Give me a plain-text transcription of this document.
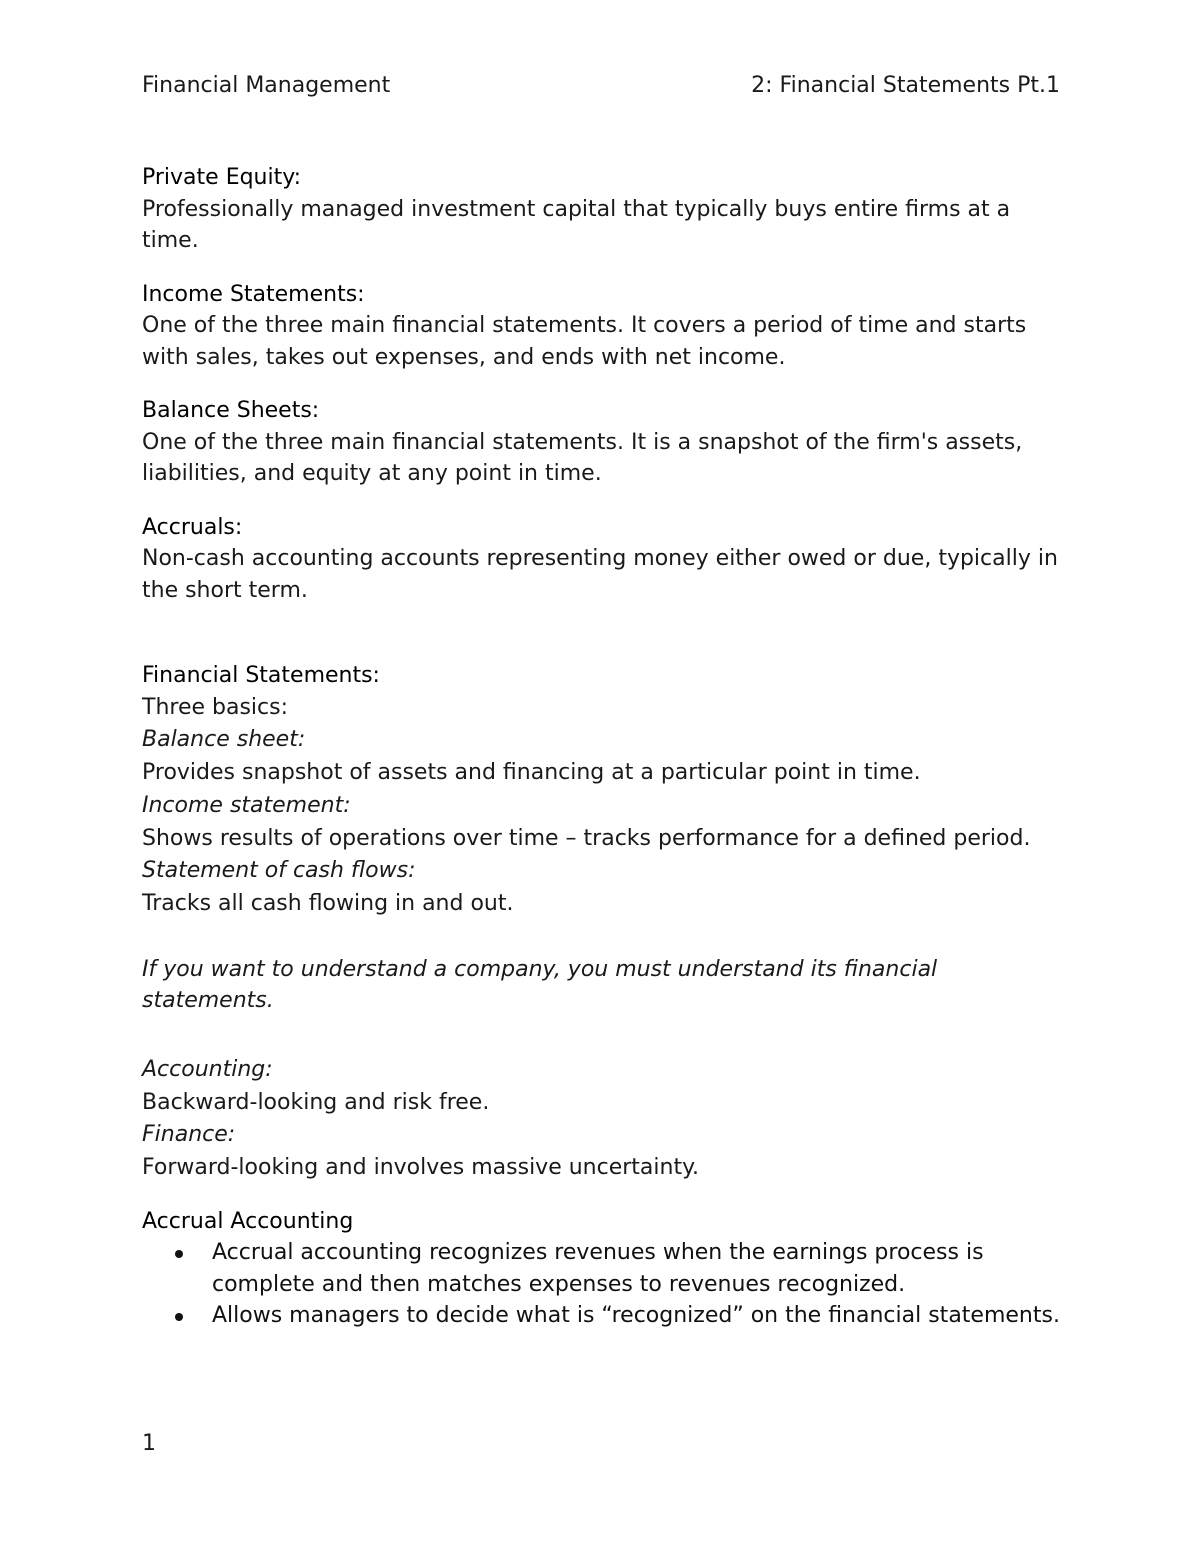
Financial Management	2: Financial Statements Pt.1

Private Equity:

Professionally managed investment capital that typically buys entire firms at a time.

Income Statements:

One of the three main financial statements. It covers a period of time and starts with sales, takes out expenses, and ends with net income.

Balance Sheets:

One of the three main financial statements. It is a snapshot of the firm's assets, liabilities, and equity at any point in time.

Accruals:

Non-cash accounting accounts representing money either owed or due, typically in the short term.

Financial Statements:

Three basics:

Balance sheet:

Provides snapshot of assets and financing at a particular point in time.

Income statement:

Shows results of operations over time – tracks performance for a defined period.

Statement of cash flows:

Tracks all cash flowing in and out.

If you want to understand a company, you must understand its financial statements.

Accounting:

Backward-looking and risk free.

Finance:

Forward-looking and involves massive uncertainty.

Accrual Accounting

Accrual accounting recognizes revenues when the earnings process is complete and then matches expenses to revenues recognized.
Allows managers to decide what is “recognized” on the financial statements.
1
